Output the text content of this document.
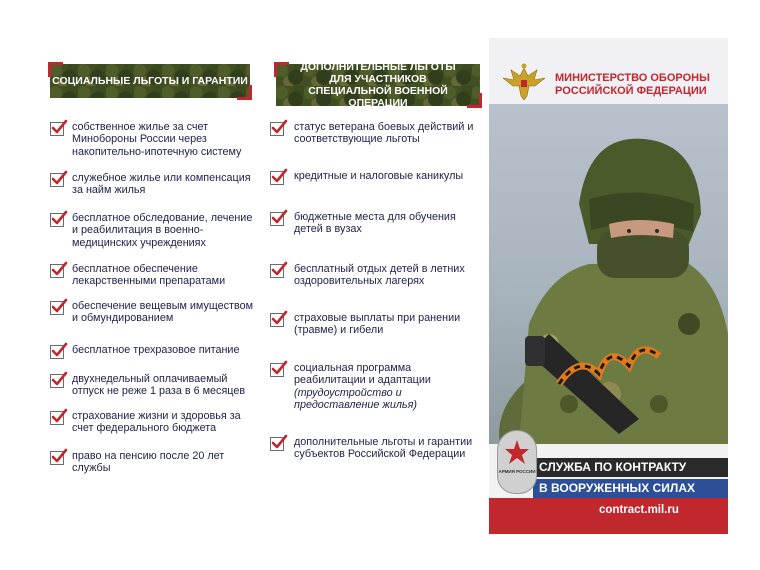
СОЦИАЛЬНЫЕ ЛЬГОТЫ И ГАРАНТИИ
собственное жилье за счет Минобороны России через накопительно-ипотечную систему
служебное жилье или компенсация за найм жилья
бесплатное обследование, лечение и реабилитация в военно-медицинских учреждениях
бесплатное обеспечение лекарственными препаратами
обеспечение вещевым имуществом и обмундированием
бесплатное трехразовое питание
двухнедельный оплачиваемый отпуск не реже 1 раза в 6 месяцев
страхование жизни и здоровья за счет федерального бюджета
право на пенсию после 20 лет службы
ДОПОЛНИТЕЛЬНЫЕ ЛЬГОТЫ ДЛЯ УЧАСТНИКОВ СПЕЦИАЛЬНОЙ ВОЕННОЙ ОПЕРАЦИИ
статус ветерана боевых действий и соответствующие льготы
кредитные и налоговые каникулы
бюджетные места для обучения детей в вузах
бесплатный отдых детей в летних оздоровительных лагерях
страховые выплаты при ранении (травме) и гибели
социальная программа реабилитации и адаптации
(трудоустройство и предоставление жилья)
дополнительные льготы и гарантии субъектов Российской Федерации
МИНИСТЕРСТВО ОБОРОНЫ
РОССИЙСКОЙ ФЕДЕРАЦИИ
СЛУЖБА ПО КОНТРАКТУ
В ВООРУЖЕННЫХ СИЛАХ
contract.mil.ru
АРМИЯ РОССИИ
